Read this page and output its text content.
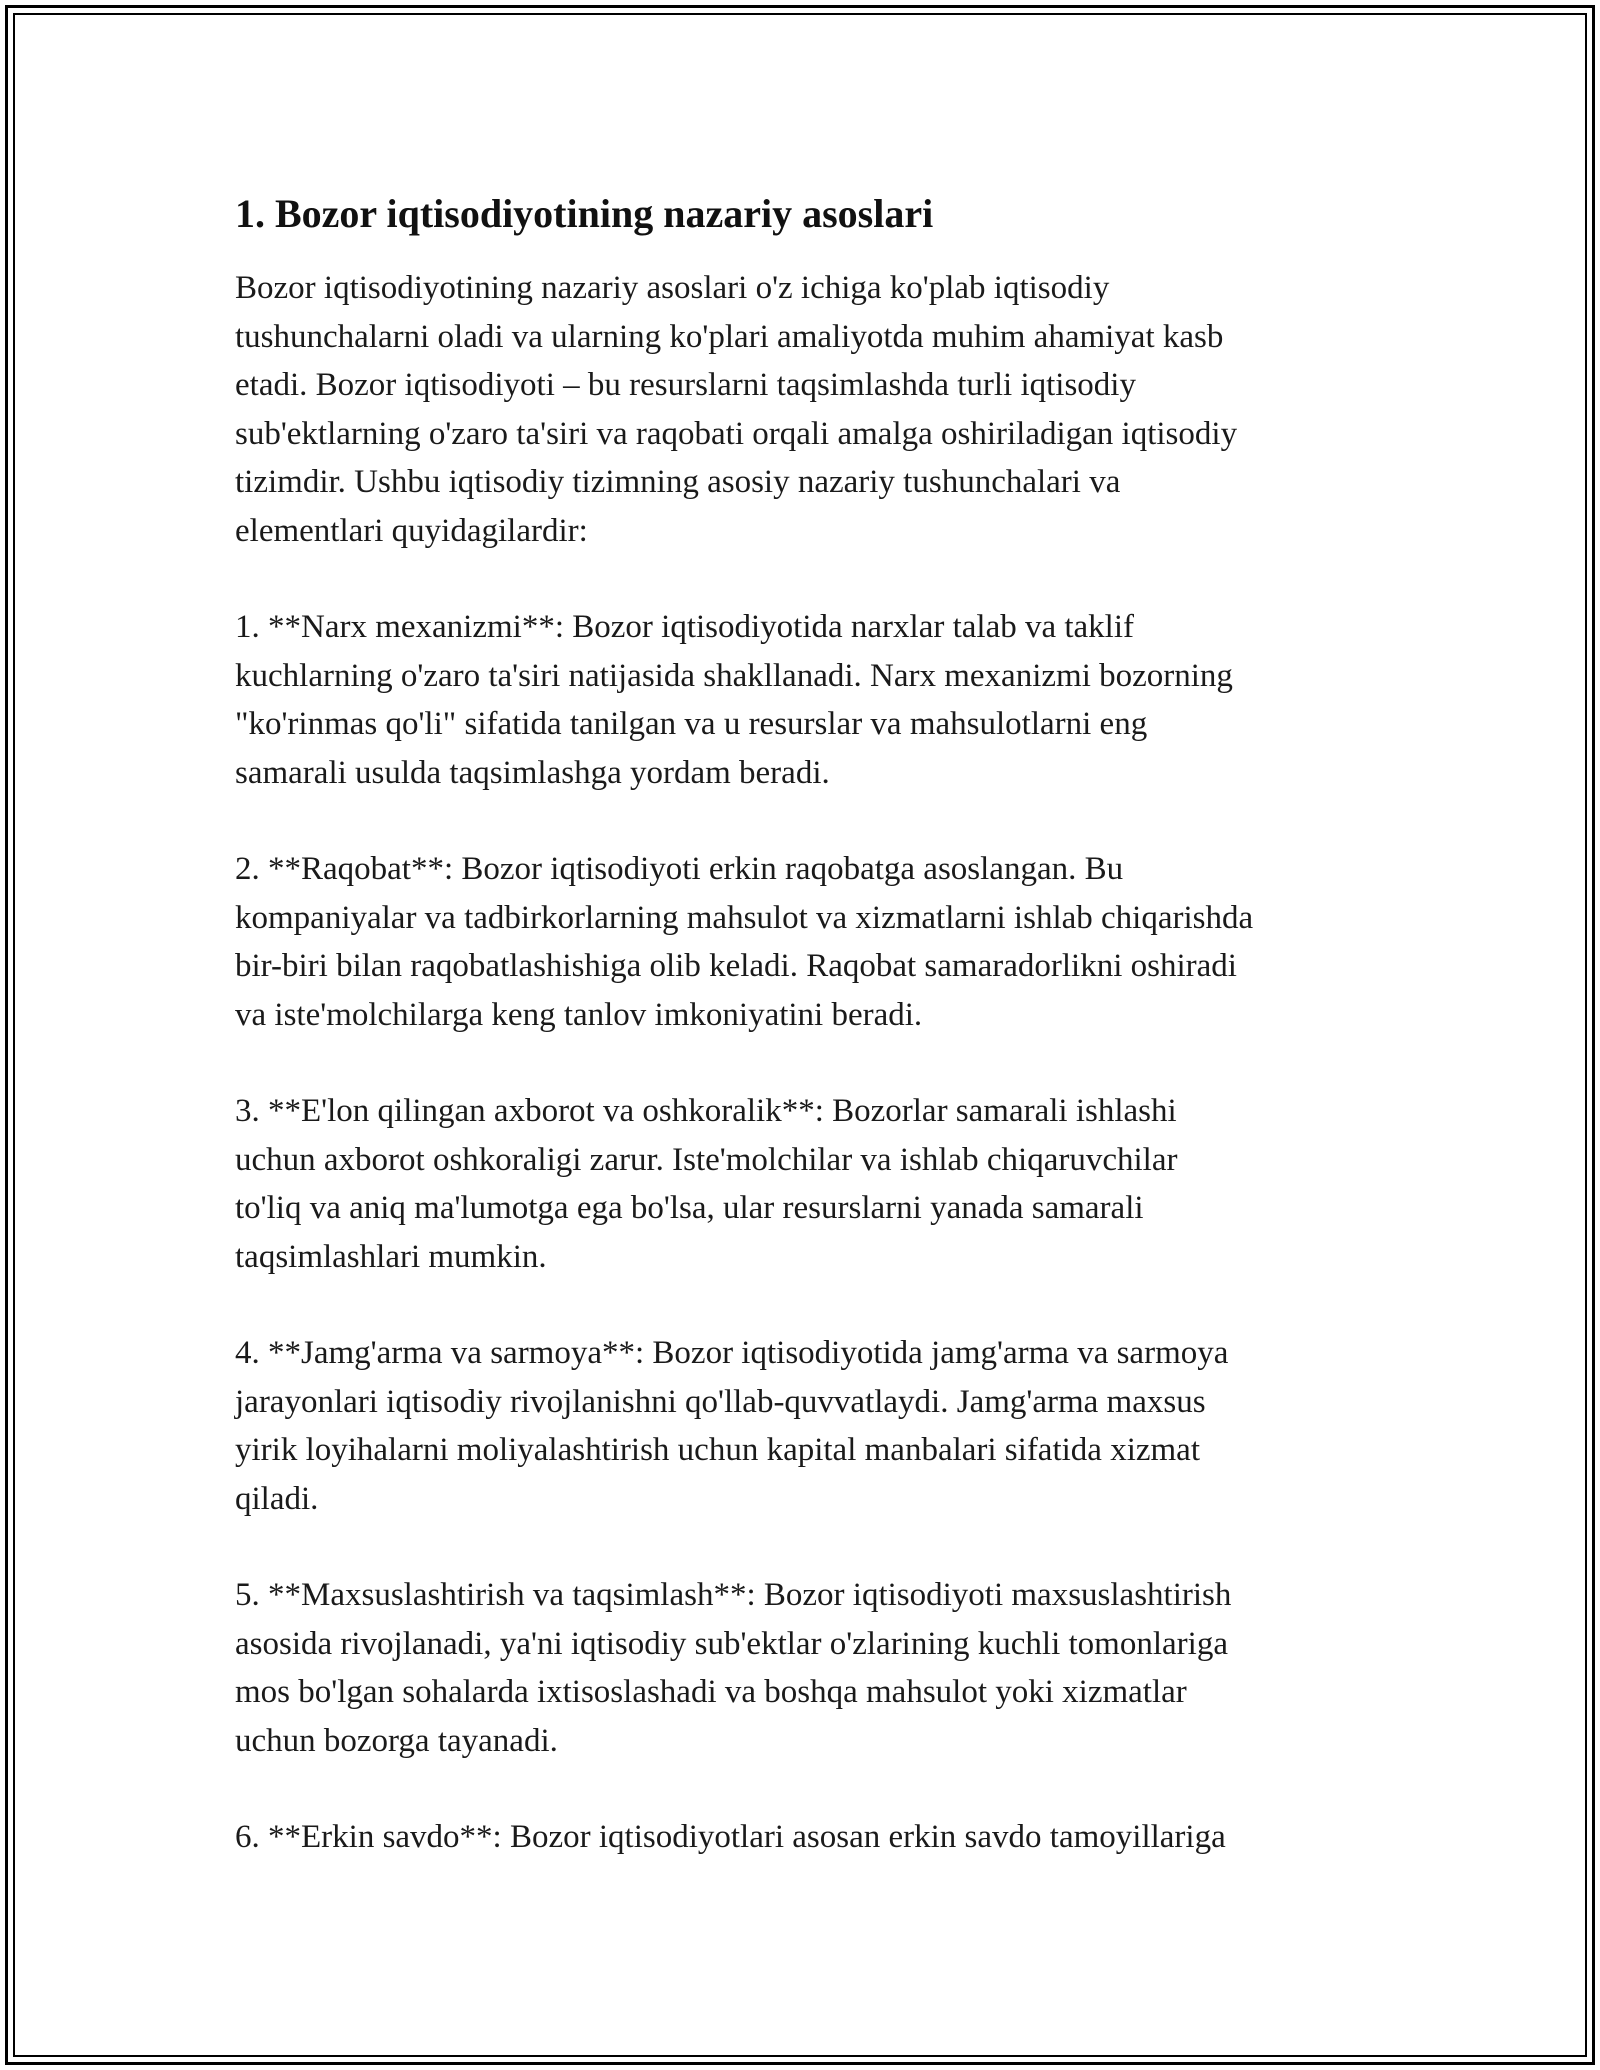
1. Bozor iqtisodiyotining nazariy asoslari

Bozor iqtisodiyotining nazariy asoslari o'z ichiga ko'plab iqtisodiy
tushunchalarni oladi va ularning ko'plari amaliyotda muhim ahamiyat kasb
etadi. Bozor iqtisodiyoti – bu resurslarni taqsimlashda turli iqtisodiy
sub'ektlarning o'zaro ta'siri va raqobati orqali amalga oshiriladigan iqtisodiy
tizimdir. Ushbu iqtisodiy tizimning asosiy nazariy tushunchalari va
elementlari quyidagilardir:

1. **Narx mexanizmi**: Bozor iqtisodiyotida narxlar talab va taklif
kuchlarning o'zaro ta'siri natijasida shakllanadi. Narx mexanizmi bozorning
"ko'rinmas qo'li" sifatida tanilgan va u resurslar va mahsulotlarni eng
samarali usulda taqsimlashga yordam beradi.

2. **Raqobat**: Bozor iqtisodiyoti erkin raqobatga asoslangan. Bu
kompaniyalar va tadbirkorlarning mahsulot va xizmatlarni ishlab chiqarishda
bir-biri bilan raqobatlashishiga olib keladi. Raqobat samaradorlikni oshiradi
va iste'molchilarga keng tanlov imkoniyatini beradi.

3. **E'lon qilingan axborot va oshkoralik**: Bozorlar samarali ishlashi
uchun axborot oshkoraligi zarur. Iste'molchilar va ishlab chiqaruvchilar
to'liq va aniq ma'lumotga ega bo'lsa, ular resurslarni yanada samarali
taqsimlashlari mumkin.

4. **Jamg'arma va sarmoya**: Bozor iqtisodiyotida jamg'arma va sarmoya
jarayonlari iqtisodiy rivojlanishni qo'llab-quvvatlaydi. Jamg'arma maxsus
yirik loyihalarni moliyalashtirish uchun kapital manbalari sifatida xizmat
qiladi.

5. **Maxsuslashtirish va taqsimlash**: Bozor iqtisodiyoti maxsuslashtirish
asosida rivojlanadi, ya'ni iqtisodiy sub'ektlar o'zlarining kuchli tomonlariga
mos bo'lgan sohalarda ixtisoslashadi va boshqa mahsulot yoki xizmatlar
uchun bozorga tayanadi.

6. **Erkin savdo**: Bozor iqtisodiyotlari asosan erkin savdo tamoyillariga
